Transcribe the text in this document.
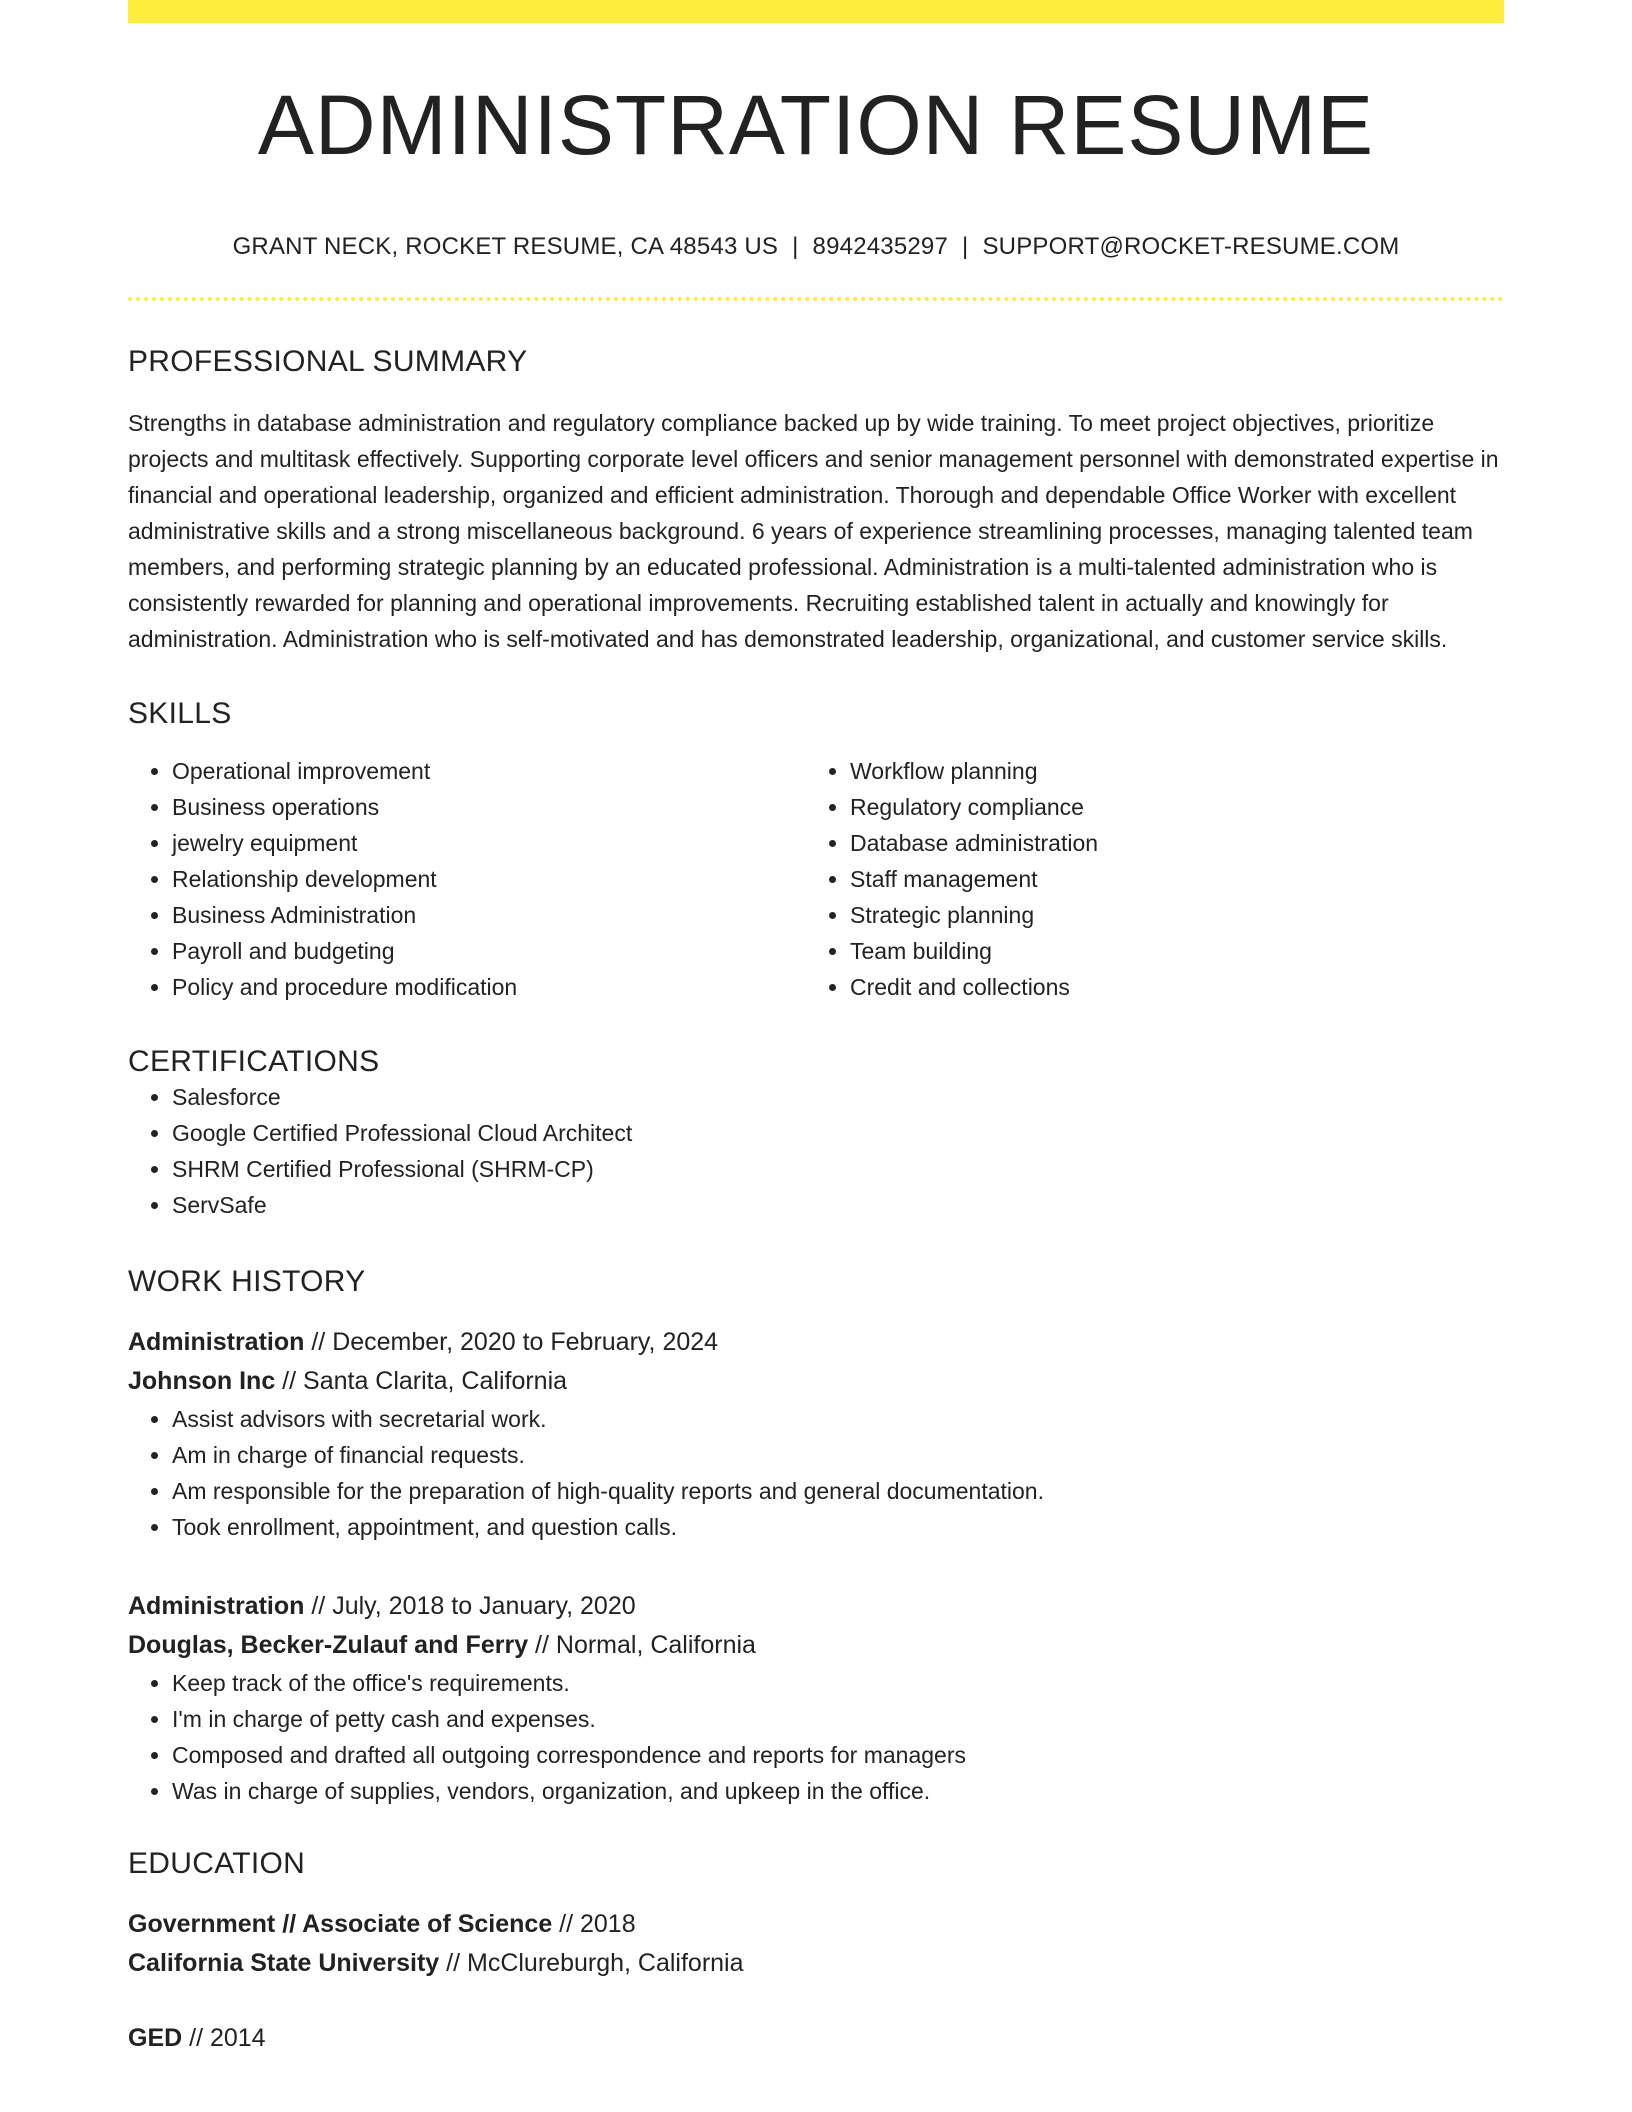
ADMINISTRATION RESUME
GRANT NECK, ROCKET RESUME, CA 48543 US | 8942435297 | SUPPORT@ROCKET-RESUME.COM
PROFESSIONAL SUMMARY
Strengths in database administration and regulatory compliance backed up by wide training. To meet project objectives, prioritize projects and multitask effectively. Supporting corporate level officers and senior management personnel with demonstrated expertise in financial and operational leadership, organized and efficient administration. Thorough and dependable Office Worker with excellent administrative skills and a strong miscellaneous background. 6 years of experience streamlining processes, managing talented team members, and performing strategic planning by an educated professional. Administration is a multi-talented administration who is consistently rewarded for planning and operational improvements. Recruiting established talent in actually and knowingly for administration. Administration who is self-motivated and has demonstrated leadership, organizational, and customer service skills.
SKILLS
• Operational improvement
• Business operations
• jewelry equipment
• Relationship development
• Business Administration
• Payroll and budgeting
• Policy and procedure modification
• Workflow planning
• Regulatory compliance
• Database administration
• Staff management
• Strategic planning
• Team building
• Credit and collections
CERTIFICATIONS
• Salesforce
• Google Certified Professional Cloud Architect
• SHRM Certified Professional (SHRM-CP)
• ServSafe
WORK HISTORY
Administration // December, 2020 to February, 2024
Johnson Inc // Santa Clarita, California
• Assist advisors with secretarial work.
• Am in charge of financial requests.
• Am responsible for the preparation of high-quality reports and general documentation.
• Took enrollment, appointment, and question calls.
Administration // July, 2018 to January, 2020
Douglas, Becker-Zulauf and Ferry // Normal, California
• Keep track of the office's requirements.
• I'm in charge of petty cash and expenses.
• Composed and drafted all outgoing correspondence and reports for managers
• Was in charge of supplies, vendors, organization, and upkeep in the office.
EDUCATION
Government // Associate of Science // 2018
California State University // McClureburgh, California
GED // 2014
